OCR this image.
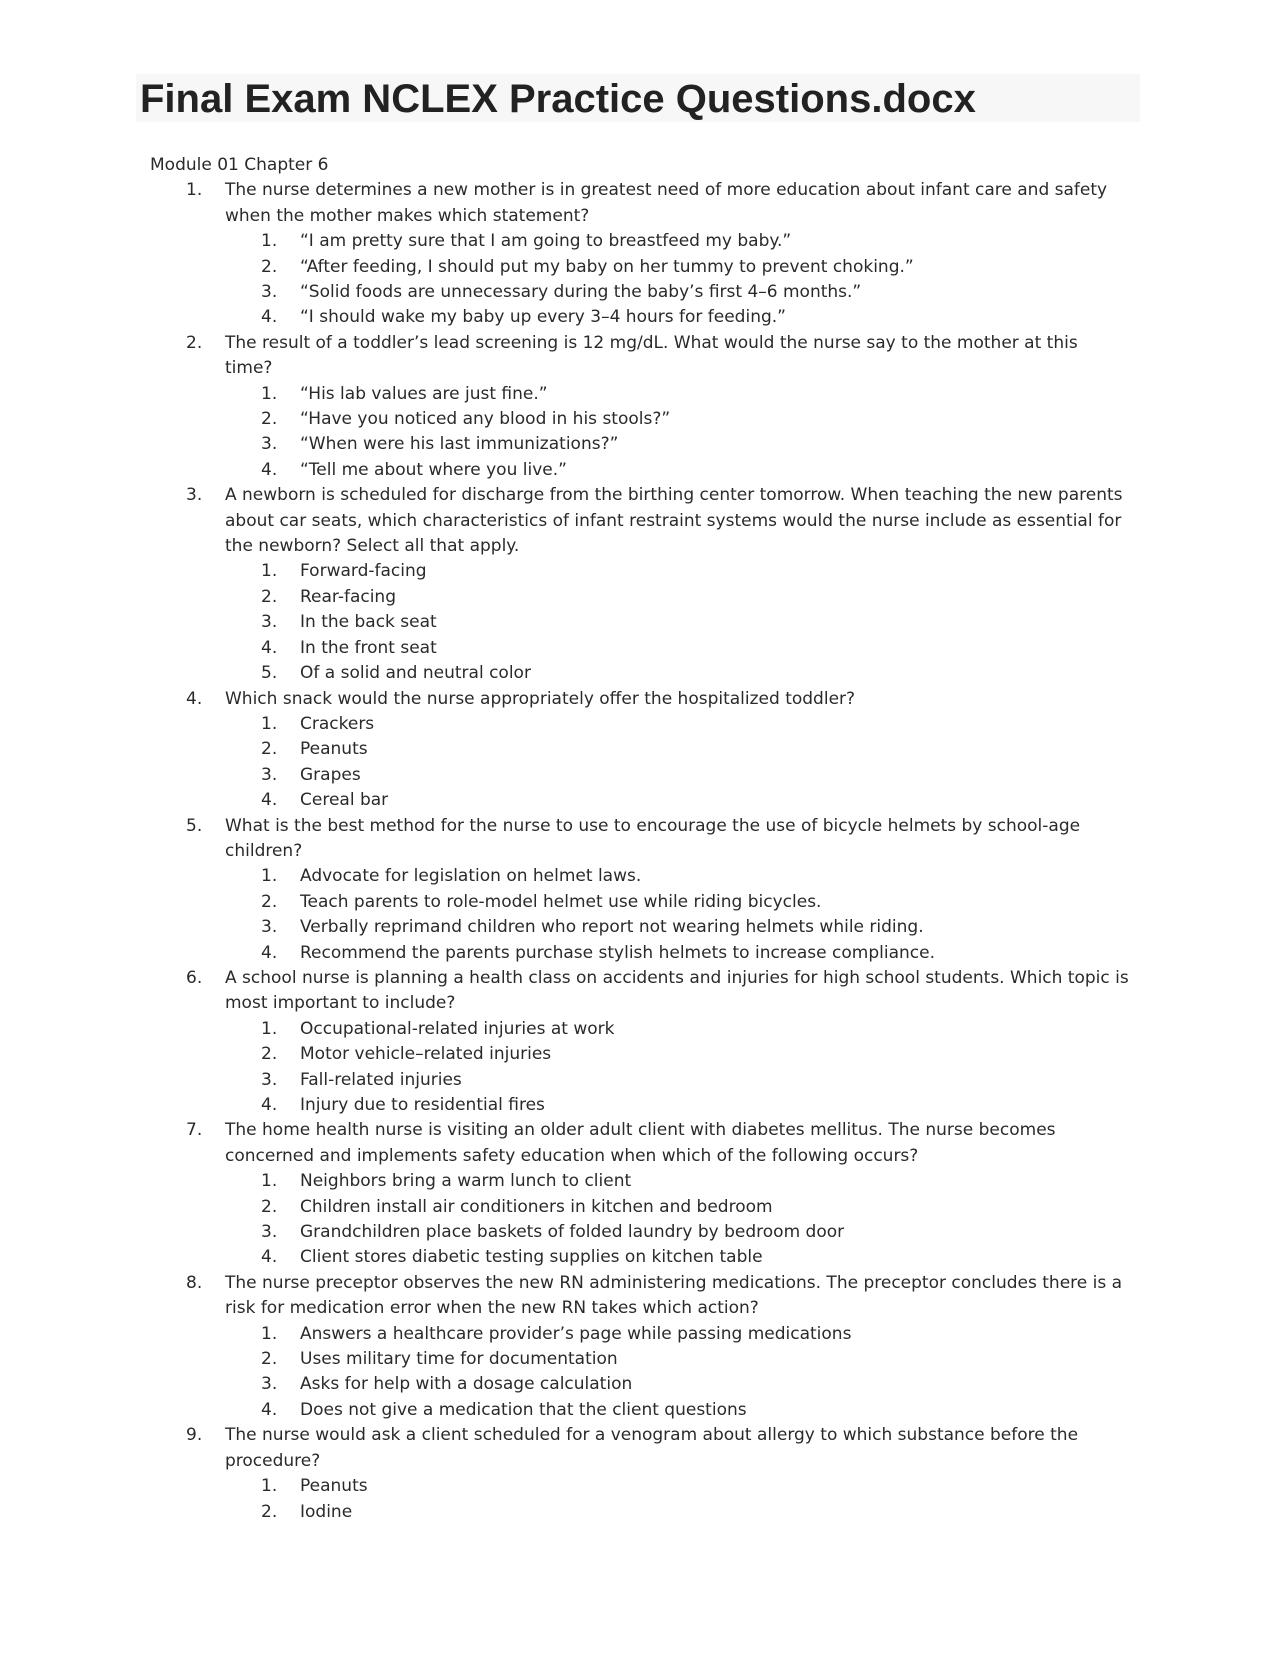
Final Exam NCLEX Practice Questions.docx
Module 01 Chapter 6
1.	The nurse determines a new mother is in greatest need of more education about infant care and safety when the mother makes which statement?
1.	“I am pretty sure that I am going to breastfeed my baby.”
2.	“After feeding, I should put my baby on her tummy to prevent choking.”
3.	“Solid foods are unnecessary during the baby’s first 4–6 months.”
4.	“I should wake my baby up every 3–4 hours for feeding.”
2.	The result of a toddler’s lead screening is 12 mg/dL. What would the nurse say to the mother at this time?
1.	“His lab values are just fine.”
2.	“Have you noticed any blood in his stools?”
3.	“When were his last immunizations?”
4.	“Tell me about where you live.”
3.	A newborn is scheduled for discharge from the birthing center tomorrow. When teaching the new parents about car seats, which characteristics of infant restraint systems would the nurse include as essential for the newborn? Select all that apply.
1.	Forward-facing
2.	Rear-facing
3.	In the back seat
4.	In the front seat
5.	Of a solid and neutral color
4.	Which snack would the nurse appropriately offer the hospitalized toddler?
1.	Crackers
2.	Peanuts
3.	Grapes
4.	Cereal bar
5.	What is the best method for the nurse to use to encourage the use of bicycle helmets by school-age children?
1.	Advocate for legislation on helmet laws.
2.	Teach parents to role-model helmet use while riding bicycles.
3.	Verbally reprimand children who report not wearing helmets while riding.
4.	Recommend the parents purchase stylish helmets to increase compliance.
6.	A school nurse is planning a health class on accidents and injuries for high school students. Which topic is most important to include?
1.	Occupational-related injuries at work
2.	Motor vehicle–related injuries
3.	Fall-related injuries
4.	Injury due to residential fires
7.	The home health nurse is visiting an older adult client with diabetes mellitus. The nurse becomes concerned and implements safety education when which of the following occurs?
1.	Neighbors bring a warm lunch to client
2.	Children install air conditioners in kitchen and bedroom
3.	Grandchildren place baskets of folded laundry by bedroom door
4.	Client stores diabetic testing supplies on kitchen table
8.	The nurse preceptor observes the new RN administering medications. The preceptor concludes there is a risk for medication error when the new RN takes which action?
1.	Answers a healthcare provider’s page while passing medications
2.	Uses military time for documentation
3.	Asks for help with a dosage calculation
4.	Does not give a medication that the client questions
9.	The nurse would ask a client scheduled for a venogram about allergy to which substance before the procedure?
1.	Peanuts
2.	Iodine
